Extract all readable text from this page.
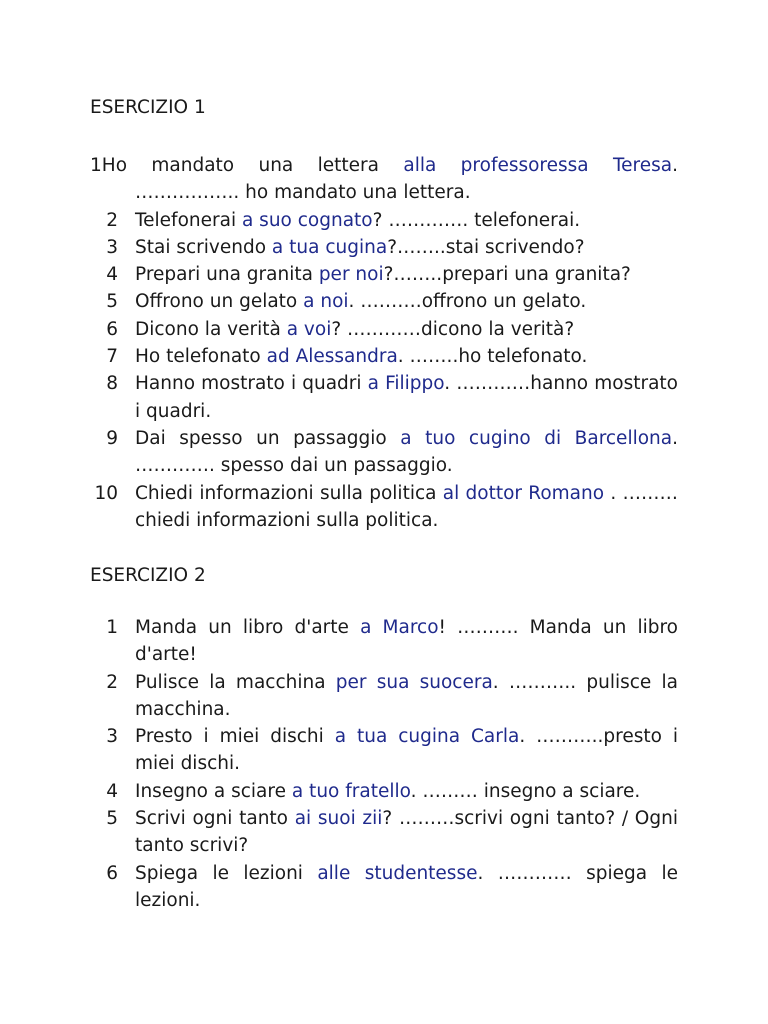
ESERCIZIO 1
1Ho mandato una lettera alla professoressa Teresa.
…………….. ho mandato una lettera.
2 Telefonerai a suo cognato? …………. telefonerai.
3 Stai scrivendo a tua cugina?……..stai scrivendo?
4 Prepari una granita per noi?……..prepari una granita?
5 Offrono un gelato a noi. ……….offrono un gelato.
6 Dicono la verità a voi? …………dicono la verità?
7 Ho telefonato ad Alessandra. ……..ho telefonato.
8 Hanno mostrato i quadri a Filippo. …………hanno mostrato i quadri.
9 Dai spesso un passaggio a tuo cugino di Barcellona. …………. spesso dai un passaggio.
10 Chiedi informazioni sulla politica al dottor Romano . ………chiedi informazioni sulla politica.
ESERCIZIO 2
1 Manda un libro d'arte a Marco! ………. Manda un libro d'arte!
2 Pulisce la macchina per sua suocera. ……….. pulisce la macchina.
3 Presto i miei dischi a tua cugina Carla. ………..presto i miei dischi.
4 Insegno a sciare a tuo fratello. ……… insegno a sciare.
5 Scrivi ogni tanto ai suoi zii? ………scrivi ogni tanto? / Ogni tanto scrivi?
6 Spiega le lezioni alle studentesse. ………… spiega le lezioni.
